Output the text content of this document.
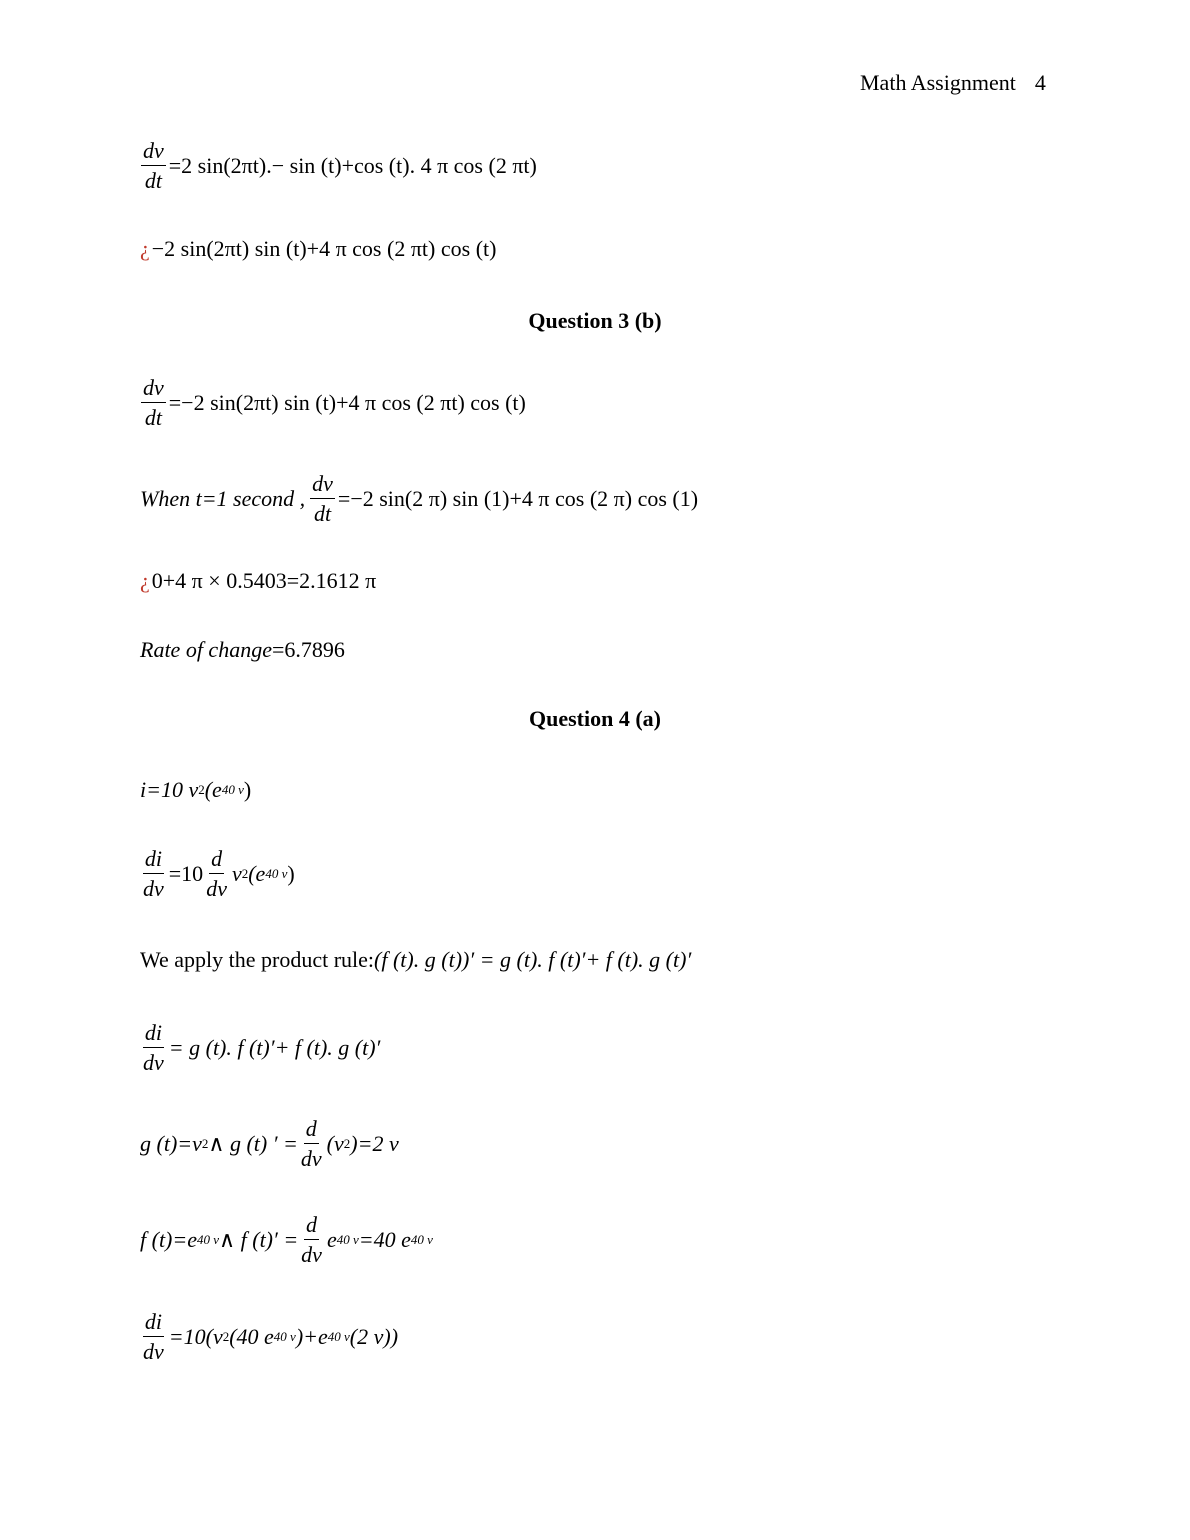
Math Assignment 4
$\frac{dv}{dt} =2$ sin(2πt).− sin (t)+cos (t). 4 π cos (2 πt)
¿ −2 sin(2πt) sin (t)+4 π cos (2 πt) cos (t)
Question 3 (b)
$\frac{dv}{dt} =-2$ sin(2πt) sin (t)+4 π cos (2 πt) cos (t)
When t=1 second , $\frac{dv}{dt} =-2$ sin(2 π) sin (1)+4 π cos (2 π) cos (1)
¿ 0+4 π × 0.5403=2.1612 π
Rate of change =6.7896
Question 4 (a)
i=10 v 2 (e 40 v )
$\frac{di}{dv} =10 \frac{d}{dv}$ v 2 (e 40 v )
We apply the product rule: (f (t). g (t))′ = g (t). f (t)′+ f (t). g (t)′
$\frac{di}{dv} = g$ (t). f (t)′+ f (t). g (t)′
g (t)=v 2 ∧ g (t) ′ = $\frac{d}{dv} (v$ 2 )=2 v
f (t)=e 40 v ∧ f $(t)' = \frac{d}{dv}$ e 40 v =40 e 40 v
$\frac{di}{dv} =10(v$ 2 (40 e 40 v )+e 40 v (2 v))
